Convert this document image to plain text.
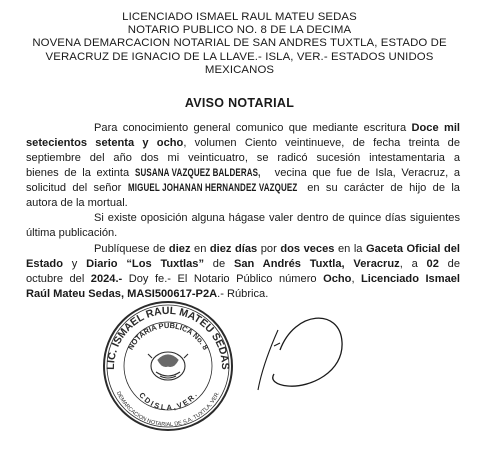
LICENCIADO ISMAEL RAUL MATEU SEDAS
NOTARIO PUBLICO NO. 8 DE LA DECIMA
NOVENA DEMARCACION NOTARIAL DE SAN ANDRES TUXTLA, ESTADO DE
VERACRUZ DE IGNACIO DE LA LLAVE.- ISLA, VER.- ESTADOS UNIDOS
MEXICANOS
AVISO NOTARIAL

Para conocimiento general comunico que mediante escritura Doce mil
setecientos setenta y ocho, volumen Ciento veintinueve, de fecha treinta de
septiembre del año dos mi veinticuatro, se radicó sucesión intestamentaria a
bienes de la extinta SUSANA VAZQUEZ BALDERAS, vecina que fue de Isla, Veracruz, a
solicitud del señor MIGUEL JOHANAN HERNANDEZ VAZQUEZ en su carácter de hijo de la
autora de la mortual.

Si existe oposición alguna hágase valer dentro de quince días siguientes
última publicación.

Publíquese de diez en diez días por dos veces en la Gaceta Oficial del
Estado y Diario “Los Tuxtlas” de San Andrés Tuxtla, Veracruz, a 02 de
octubre del 2024.- Doy fe.- El Notario Público número Ocho, Licenciado Ismael
Raúl Mateu Sedas, MASI500617-P2A.- Rúbrica.

LIC. ISMAEL RAUL MATEU SEDAS
NOTARIA PUBLICA No. 8
DEMARCACION NOTARIAL DE S.A. TUXTLA, VER.
C D I S L A , V E R .
